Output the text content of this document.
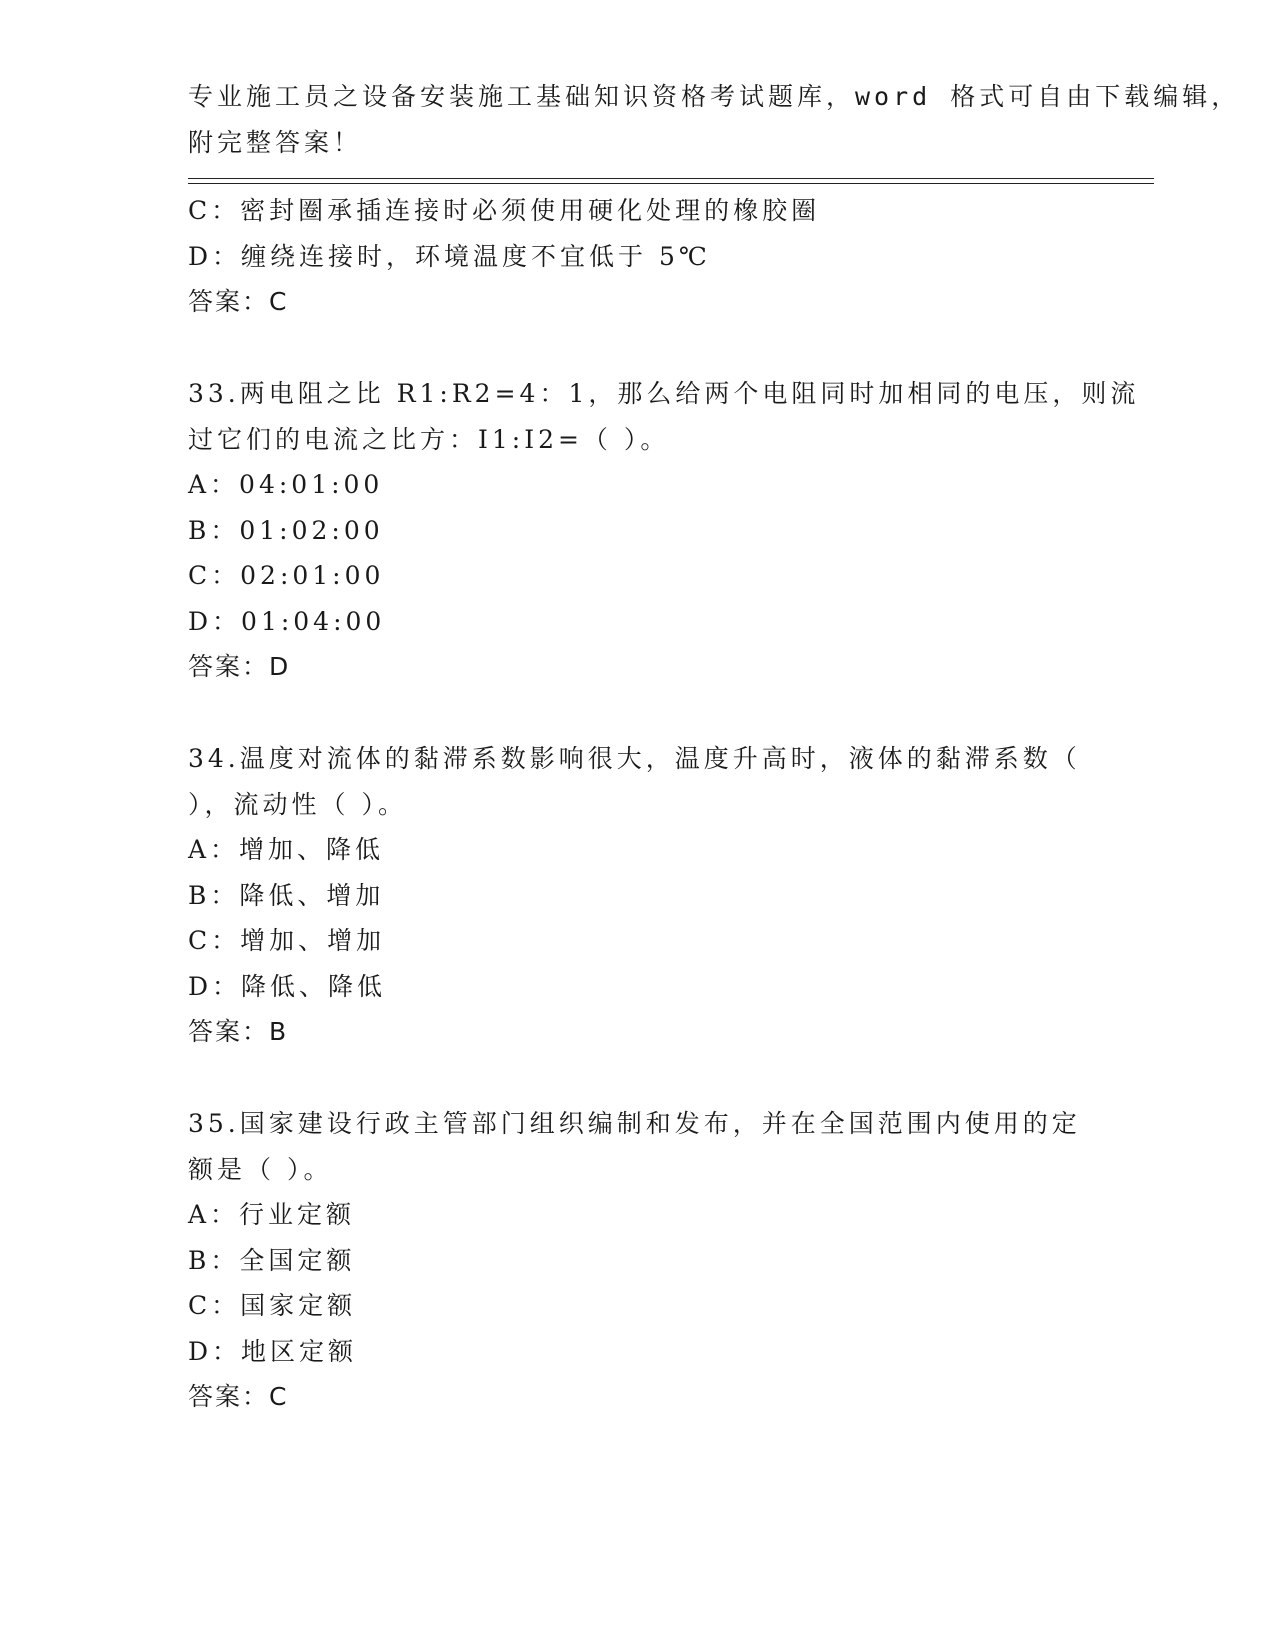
专业施工员之设备安装施工基础知识资格考试题库，word 格式可自由下载编辑，
附完整答案！
C：密封圈承插连接时必须使用硬化处理的橡胶圈
D：缠绕连接时，环境温度不宜低于 5℃
答案：C
33.两电阻之比 R1:R2=4：1，那么给两个电阻同时加相同的电压，则流
过它们的电流之比方：I1:I2=（ ）。
A：04:01:00
B：01:02:00
C：02:01:00
D：01:04:00
答案：D
34.温度对流体的黏滞系数影响很大，温度升高时，液体的黏滞系数（
），流动性（ ）。
A：增加、降低
B：降低、增加
C：增加、增加
D：降低、降低
答案：B
35.国家建设行政主管部门组织编制和发布，并在全国范围内使用的定
额是（ ）。
A：行业定额
B：全国定额
C：国家定额
D：地区定额
答案：C
